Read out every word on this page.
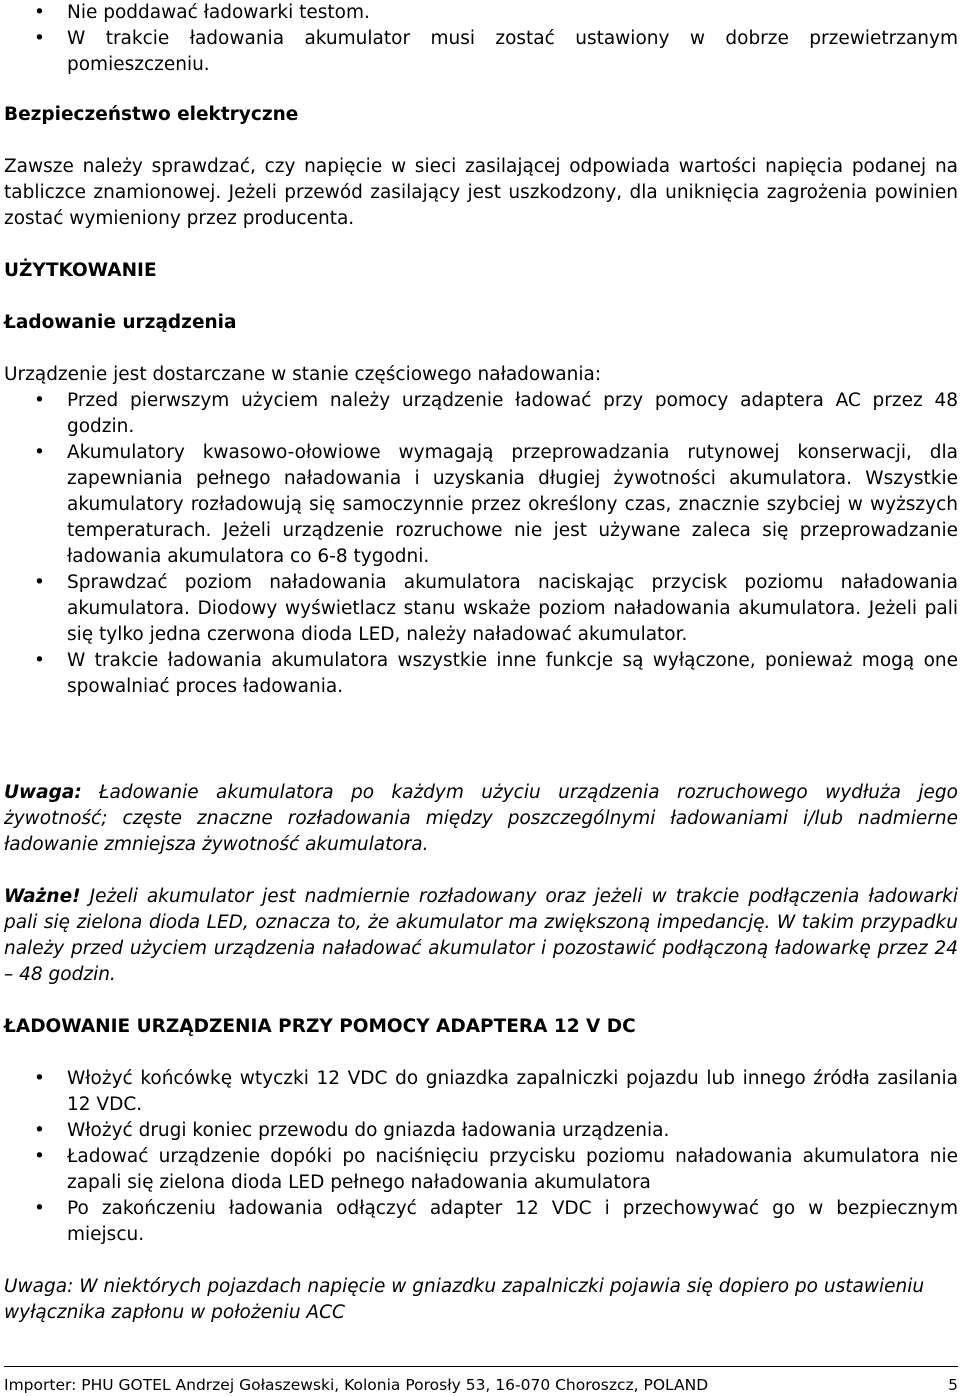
• Nie poddawać ładowarki testom.
• W trakcie ładowania akumulator musi zostać ustawiony w dobrze przewietrzanym pomieszczeniu.
Bezpieczeństwo elektryczne
Zawsze należy sprawdzać, czy napięcie w sieci zasilającej odpowiada wartości napięcia podanej na tabliczce znamionowej. Jeżeli przewód zasilający jest uszkodzony, dla uniknięcia zagrożenia powinien zostać wymieniony przez producenta.
UŻYTKOWANIE
Ładowanie urządzenia
Urządzenie jest dostarczane w stanie częściowego naładowania:
• Przed pierwszym użyciem należy urządzenie ładować przy pomocy adaptera AC przez 48 godzin.
• Akumulatory kwasowo-ołowiowe wymagają przeprowadzania rutynowej konserwacji, dla zapewniania pełnego naładowania i uzyskania długiej żywotności akumulatora. Wszystkie akumulatory rozładowują się samoczynnie przez określony czas, znacznie szybciej w wyższych temperaturach. Jeżeli urządzenie rozruchowe nie jest używane zaleca się przeprowadzanie ładowania akumulatora co 6-8 tygodni.
• Sprawdzać poziom naładowania akumulatora naciskając przycisk poziomu naładowania akumulatora. Diodowy wyświetlacz stanu wskaże poziom naładowania akumulatora. Jeżeli pali się tylko jedna czerwona dioda LED, należy naładować akumulator.
• W trakcie ładowania akumulatora wszystkie inne funkcje są wyłączone, ponieważ mogą one spowalniać proces ładowania.
Uwaga: Ładowanie akumulatora po każdym użyciu urządzenia rozruchowego wydłuża jego żywotność; częste znaczne rozładowania między poszczególnymi ładowaniami i/lub nadmierne ładowanie zmniejsza żywotność akumulatora.
Ważne! Jeżeli akumulator jest nadmiernie rozładowany oraz jeżeli w trakcie podłączenia ładowarki pali się zielona dioda LED, oznacza to, że akumulator ma zwiększoną impedancję. W takim przypadku należy przed użyciem urządzenia naładować akumulator i pozostawić podłączoną ładowarkę przez 24 – 48 godzin.
ŁADOWANIE URZĄDZENIA PRZY POMOCY ADAPTERA 12 V DC
• Włożyć końcówkę wtyczki 12 VDC do gniazdka zapalniczki pojazdu lub innego źródła zasilania 12 VDC.
• Włożyć drugi koniec przewodu do gniazda ładowania urządzenia.
• Ładować urządzenie dopóki po naciśnięciu przycisku poziomu naładowania akumulatora nie zapali się zielona dioda LED pełnego naładowania akumulatora
• Po zakończeniu ładowania odłączyć adapter 12 VDC i przechowywać go w bezpiecznym miejscu.
Uwaga: W niektórych pojazdach napięcie w gniazdku zapalniczki pojawia się dopiero po ustawieniu wyłącznika zapłonu w położeniu ACC
Importer: PHU GOTEL Andrzej Gołaszewski, Kolonia Porosły 53, 16-070 Choroszcz, POLAND	5
